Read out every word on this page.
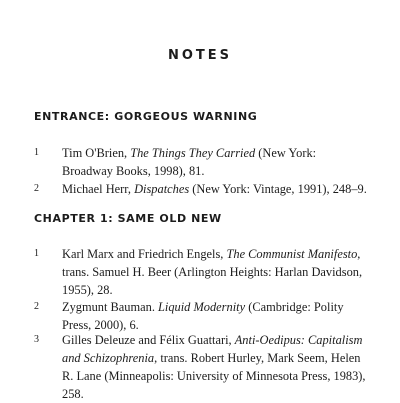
NOTES
ENTRANCE: GORGEOUS WARNING
1	Tim O'Brien, The Things They Carried (New York: Broadway Books, 1998), 81.
2	Michael Herr, Dispatches (New York: Vintage, 1991), 248–9.
CHAPTER 1: SAME OLD NEW
1	Karl Marx and Friedrich Engels, The Communist Manifesto, trans. Samuel H. Beer (Arlington Heights: Harlan Davidson, 1955), 28.
2	Zygmunt Bauman. Liquid Modernity (Cambridge: Polity Press, 2000), 6.
3	Gilles Deleuze and Félix Guattari, Anti-Oedipus: Capitalism and Schizophrenia, trans. Robert Hurley, Mark Seem, Helen R. Lane (Minneapolis: University of Minnesota Press, 1983), 258.
